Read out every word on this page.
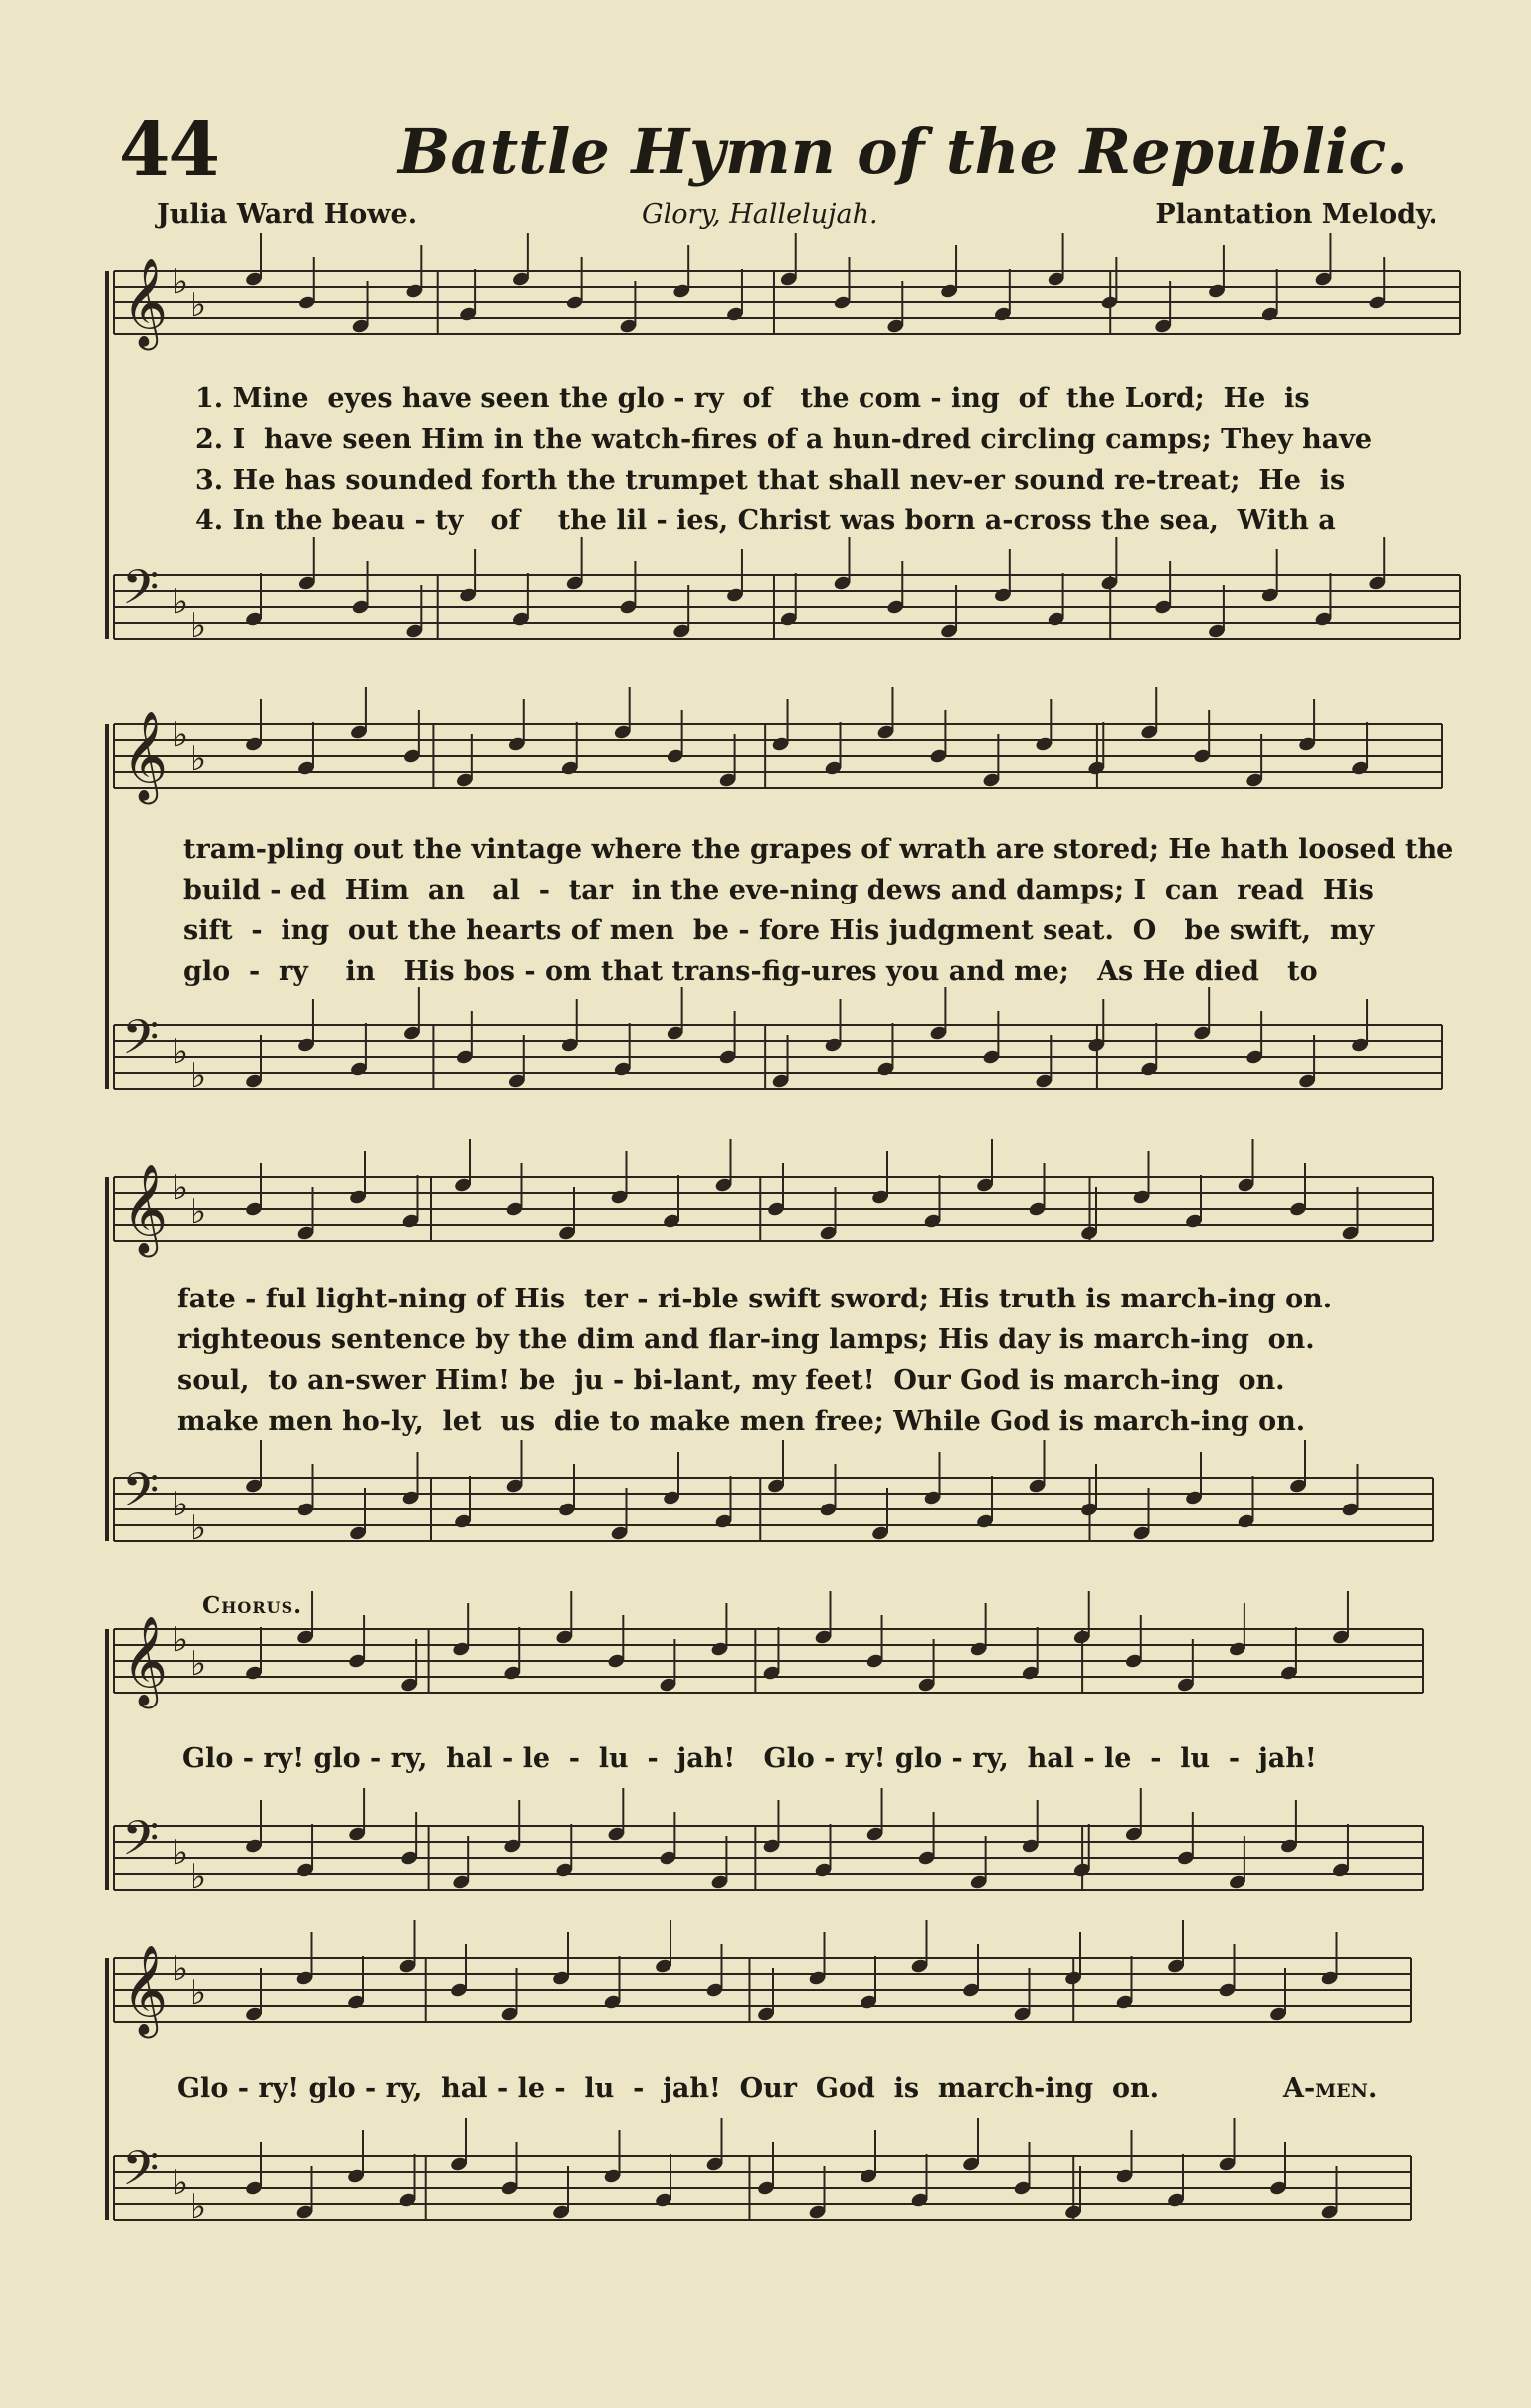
𝄞 ♭
♭
𝄢 ♭
♭
𝄞 ♭
♭
𝄢 ♭
♭
𝄞 ♭
♭
𝄢 ♭
♭
𝄞 ♭
♭
𝄢 ♭
♭
𝄞 ♭
♭
𝄢 ♭
♭
44	Battle Hymn of the Republic.
Julia Ward Howe.	Glory, Hallelujah.	Plantation Melody.
1. Mine  eyes have seen the glo - ry  of   the com - ing  of  the Lord;  He  is
2. I  have seen Him in the watch-fires of a hun-dred circling camps; They have
3. He has sounded forth the trumpet that shall nev-er sound re-treat;  He  is
4. In the beau - ty   of    the lil - ies, Christ was born a-cross the sea,  With a
tram-pling out the vintage where the grapes of wrath are stored; He hath loosed the
build - ed  Him  an   al  -  tar  in the eve-ning dews and damps; I  can  read  His
sift  -  ing  out the hearts of men  be - fore His judgment seat.  O   be swift,  my
glo  -  ry    in   His bos - om that trans-fig-ures you and me;   As He died   to
fate - ful light-ning of His  ter - ri-ble swift sword; His truth is march-ing on.
righteous sentence by the dim and flar-ing lamps; His day is march-ing  on.
soul,  to an-swer Him! be  ju - bi-lant, my feet!  Our God is march-ing  on.
make men ho-ly,  let  us  die to make men free; While God is march-ing on.
Chorus.
Glo - ry! glo - ry,  hal - le  -  lu  -  jah!   Glo - ry! glo - ry,  hal - le  -  lu  -  jah!
Glo - ry! glo - ry,  hal - le -  lu  -  jah!  Our  God  is  march-ing  on.	A-men.
